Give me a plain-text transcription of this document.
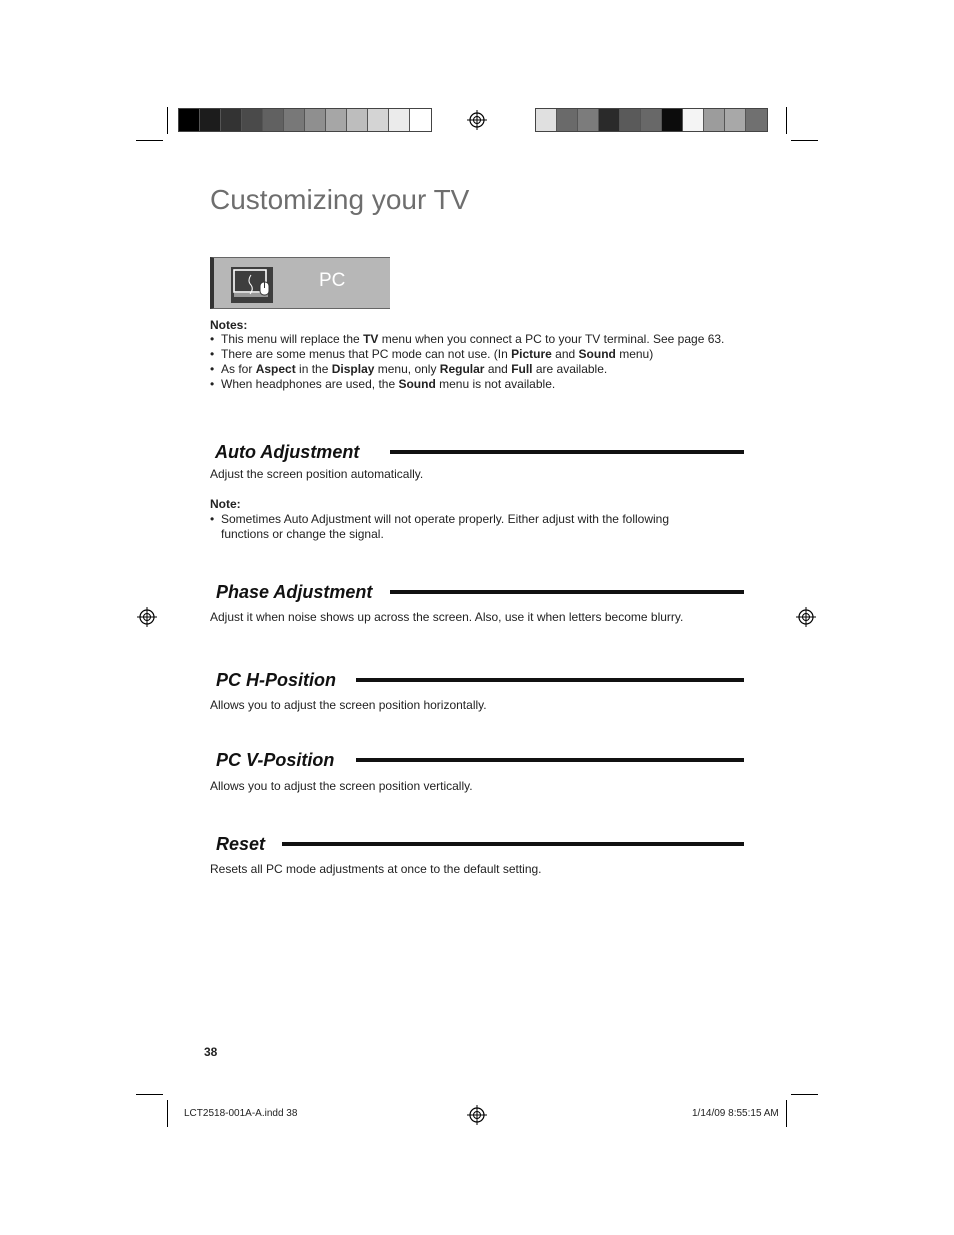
Customizing your TV
PC
Notes:
• This menu will replace the TV menu when you connect a PC to your TV terminal. See page 63.
• There are some menus that PC mode can not use. (In Picture and Sound menu)
• As for Aspect in the Display menu, only Regular and Full are available.
• When headphones are used, the Sound menu is not available.
Auto Adjustment
Adjust the screen position automatically.
Note:
• Sometimes Auto Adjustment will not operate properly. Either adjust with the following functions or change the signal.
Phase Adjustment
Adjust it when noise shows up across the screen. Also, use it when letters become blurry.
PC H-Position
Allows you to adjust the screen position horizontally.
PC V-Position
Allows you to adjust the screen position vertically.
Reset
Resets all PC mode adjustments at once to the default setting.
38
LCT2518-001A-A.indd 38	1/14/09 8:55:15 AM
